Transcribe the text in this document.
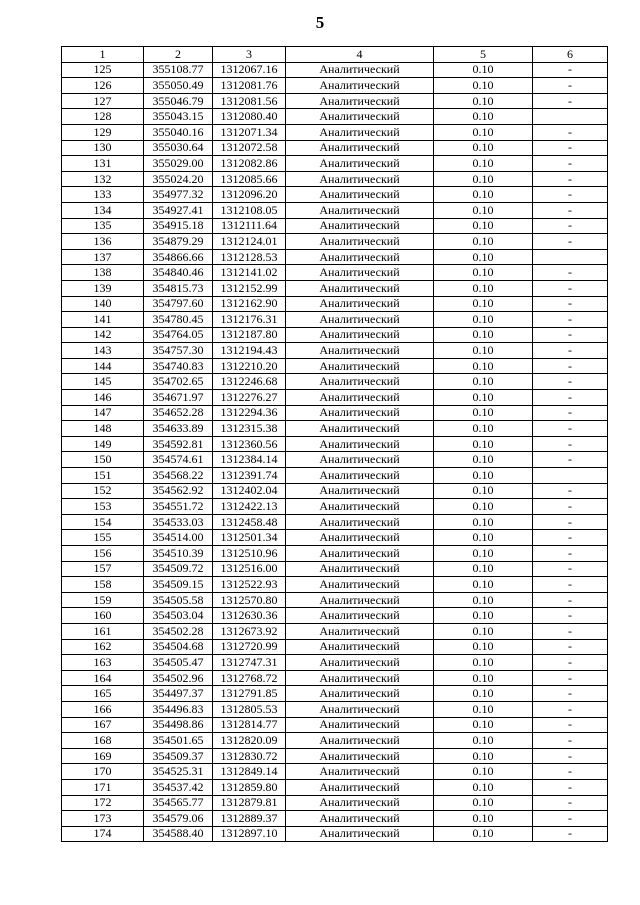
5
1	2	3	4	5	6
125	355108.77	1312067.16	Аналитический	0.10	-
126	355050.49	1312081.76	Аналитический	0.10	-
127	355046.79	1312081.56	Аналитический	0.10	-
128	355043.15	1312080.40	Аналитический	0.10	
129	355040.16	1312071.34	Аналитический	0.10	-
130	355030.64	1312072.58	Аналитический	0.10	-
131	355029.00	1312082.86	Аналитический	0.10	-
132	355024.20	1312085.66	Аналитический	0.10	-
133	354977.32	1312096.20	Аналитический	0.10	-
134	354927.41	1312108.05	Аналитический	0.10	-
135	354915.18	1312111.64	Аналитический	0.10	-
136	354879.29	1312124.01	Аналитический	0.10	-
137	354866.66	1312128.53	Аналитический	0.10	
138	354840.46	1312141.02	Аналитический	0.10	-
139	354815.73	1312152.99	Аналитический	0.10	-
140	354797.60	1312162.90	Аналитический	0.10	-
141	354780.45	1312176.31	Аналитический	0.10	-
142	354764.05	1312187.80	Аналитический	0.10	-
143	354757.30	1312194.43	Аналитический	0.10	-
144	354740.83	1312210.20	Аналитический	0.10	-
145	354702.65	1312246.68	Аналитический	0.10	-
146	354671.97	1312276.27	Аналитический	0.10	-
147	354652.28	1312294.36	Аналитический	0.10	-
148	354633.89	1312315.38	Аналитический	0.10	-
149	354592.81	1312360.56	Аналитический	0.10	-
150	354574.61	1312384.14	Аналитический	0.10	-
151	354568.22	1312391.74	Аналитический	0.10	
152	354562.92	1312402.04	Аналитический	0.10	-
153	354551.72	1312422.13	Аналитический	0.10	-
154	354533.03	1312458.48	Аналитический	0.10	-
155	354514.00	1312501.34	Аналитический	0.10	-
156	354510.39	1312510.96	Аналитический	0.10	-
157	354509.72	1312516.00	Аналитический	0.10	-
158	354509.15	1312522.93	Аналитический	0.10	-
159	354505.58	1312570.80	Аналитический	0.10	-
160	354503.04	1312630.36	Аналитический	0.10	-
161	354502.28	1312673.92	Аналитический	0.10	-
162	354504.68	1312720.99	Аналитический	0.10	-
163	354505.47	1312747.31	Аналитический	0.10	-
164	354502.96	1312768.72	Аналитический	0.10	-
165	354497.37	1312791.85	Аналитический	0.10	-
166	354496.83	1312805.53	Аналитический	0.10	-
167	354498.86	1312814.77	Аналитический	0.10	-
168	354501.65	1312820.09	Аналитический	0.10	-
169	354509.37	1312830.72	Аналитический	0.10	-
170	354525.31	1312849.14	Аналитический	0.10	-
171	354537.42	1312859.80	Аналитический	0.10	-
172	354565.77	1312879.81	Аналитический	0.10	-
173	354579.06	1312889.37	Аналитический	0.10	-
174	354588.40	1312897.10	Аналитический	0.10	-
